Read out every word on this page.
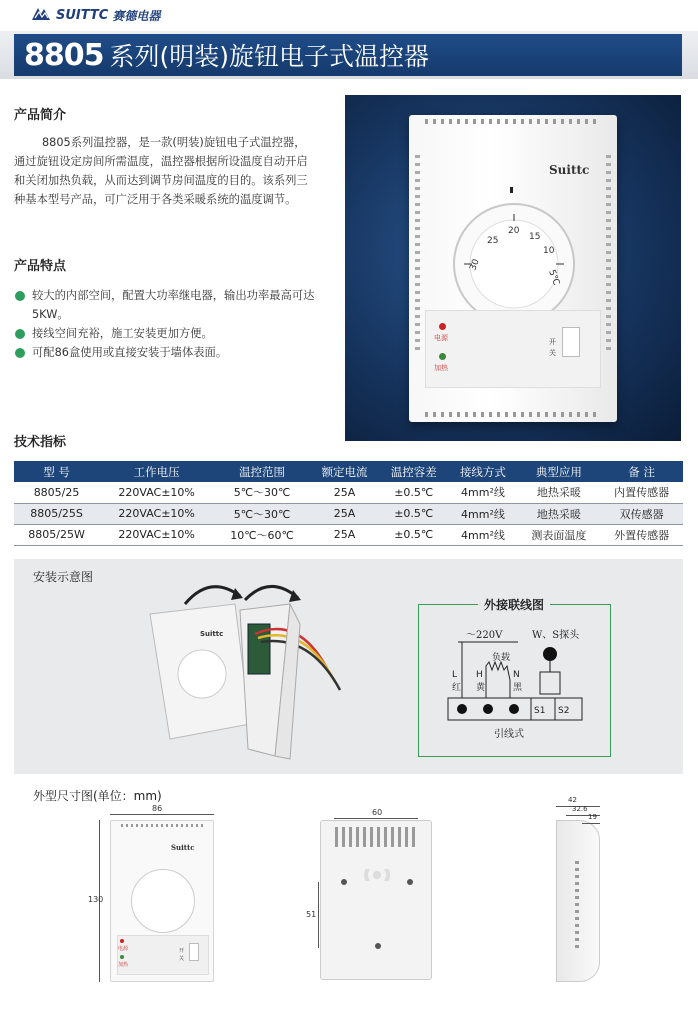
SUITTC 赛德电器
8805 系列(明装)旋钮电子式温控器
产品简介

8805系列温控器，是一款(明装)旋钮电子式温控器，通过旋钮设定房间所需温度，温控器根据所设温度自动开启和关闭加热负载，从而达到调节房间温度的目的。该系列三种基本型号产品，可广泛用于各类采暖系统的温度调节。

产品特点
较大的内部空间，配置大功率继电器，输出功率最高可达5KW。
接线空间充裕，施工安装更加方便。
可配86盒使用或直接安装于墙体表面。
Suittc
30
25
20
15
10
5℃
电源
加热
开
关
技术指标
型 号	工作电压	温控范围	额定电流	温控容差	接线方式	典型应用	备 注
8805/25	220VAC±10%	5℃～30℃	25A	±0.5℃	4mm²线	地热采暖	内置传感器
8805/25S	220VAC±10%	5℃～30℃	25A	±0.5℃	4mm²线	地热采暖	双传感器
8805/25W	220VAC±10%	10℃～60℃	25A	±0.5℃	4mm²线	测表面温度	外置传感器
安装示意图
Suittc
外接联线图
～220V	W、S探头
负载
L
红
H
黄
N
黑
S1 S2
引线式
外型尺寸图(单位：mm)
Suittc
电源
加热
开
关
86
130
60
51
42
32.6
19
